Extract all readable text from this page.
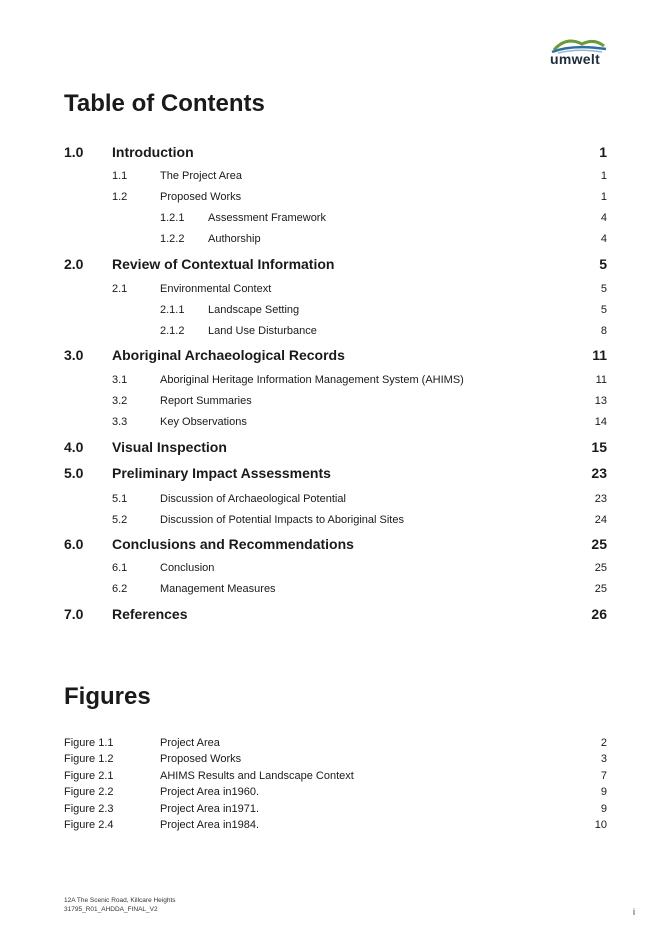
umwelt
Table of Contents
1.0 Introduction	1
1.1	The Project Area	1
1.2	Proposed Works	1
1.2.1 Assessment Framework	4
1.2.2 Authorship	4
2.0 Review of Contextual Information	5
2.1	Environmental Context	5
2.1.1 Landscape Setting	5
2.1.2 Land Use Disturbance	8
3.0 Aboriginal Archaeological Records	11
3.1	Aboriginal Heritage Information Management System (AHIMS)	11
3.2	Report Summaries	13
3.3	Key Observations	14
4.0 Visual Inspection	15
5.0 Preliminary Impact Assessments	23
5.1	Discussion of Archaeological Potential	23
5.2	Discussion of Potential Impacts to Aboriginal Sites	24
6.0 Conclusions and Recommendations	25
6.1	Conclusion	25
6.2	Management Measures	25
7.0 References	26
Figures
Figure 1.1	Project Area	2
Figure 1.2	Proposed Works	3
Figure 2.1	AHIMS Results and Landscape Context	7
Figure 2.2	Project Area in1960.	9
Figure 2.3	Project Area in1971.	9
Figure 2.4	Project Area in1984.	10
12A The Scenic Road, Killcare Heights
31795_R01_AHDDA_FINAL_V2	i
